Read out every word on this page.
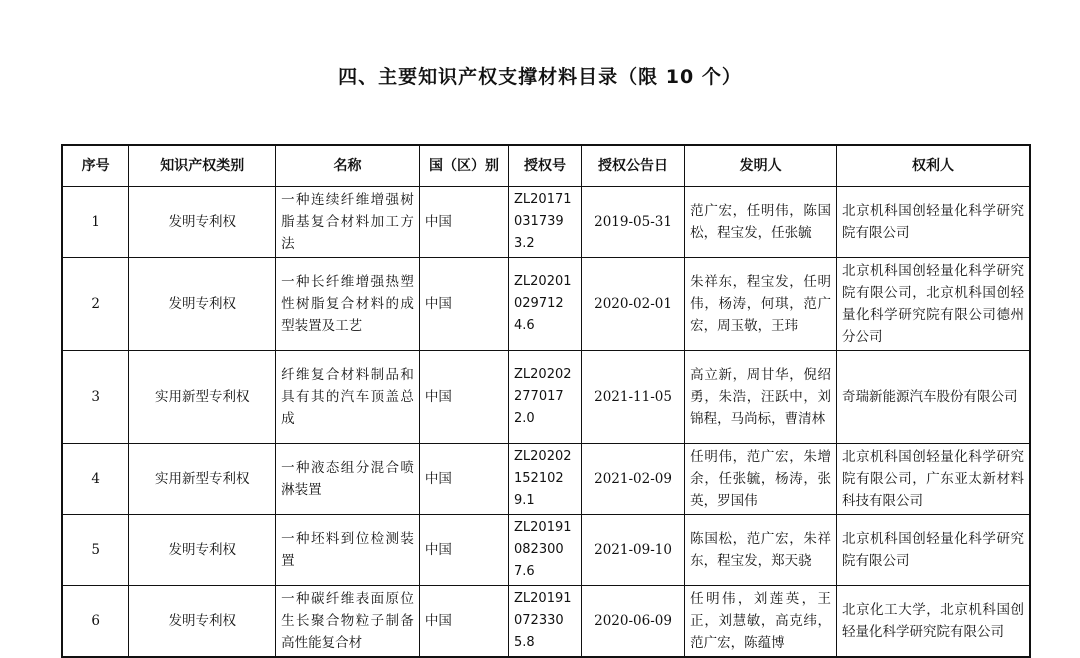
四、主要知识产权支撑材料目录（限 10 个）
序号	知识产权类别	名称	国（区）别	授权号	授权公告日	发明人	权利人
1	发明专利权	一种连续纤维增强树脂基复合材料加工方法	中国	ZL201710317393.2	2019-05-31	范广宏，任明伟，陈国松，程宝发，任张毓	北京机科国创轻量化科学研究院有限公司
2	发明专利权	一种长纤维增强热塑性树脂复合材料的成型装置及工艺	中国	ZL202010297124.6	2020-02-01	朱祥东，程宝发，任明伟，杨涛，何琪，范广宏，周玉敬，王玮	北京机科国创轻量化科学研究院有限公司，北京机科国创轻量化科学研究院有限公司德州分公司
3	实用新型专利权	纤维复合材料制品和具有其的汽车顶盖总成	中国	ZL202022770172.0	2021-11-05	高立新，周甘华，倪绍勇，朱浩，汪跃中，刘锦程，马尚标，曹清林	奇瑞新能源汽车股份有限公司
4	实用新型专利权	一种液态组分混合喷淋装置	中国	ZL202021521029.1	2021-02-09	任明伟，范广宏，朱增余，任张毓，杨涛，张英，罗国伟	北京机科国创轻量化科学研究院有限公司，广东亚太新材料科技有限公司
5	发明专利权	一种坯料到位检测装置	中国	ZL201910823007.6	2021-09-10	陈国松，范广宏，朱祥东，程宝发，郑天骁	北京机科国创轻量化科学研究院有限公司
6	发明专利权	一种碳纤维表面原位生长聚合物粒子制备高性能复合材	中国	ZL201910723305.8	2020-06-09	任明伟，刘莲英，王正，刘慧敏，高克纬，范广宏，陈蕴博	北京化工大学，北京机科国创轻量化科学研究院有限公司
